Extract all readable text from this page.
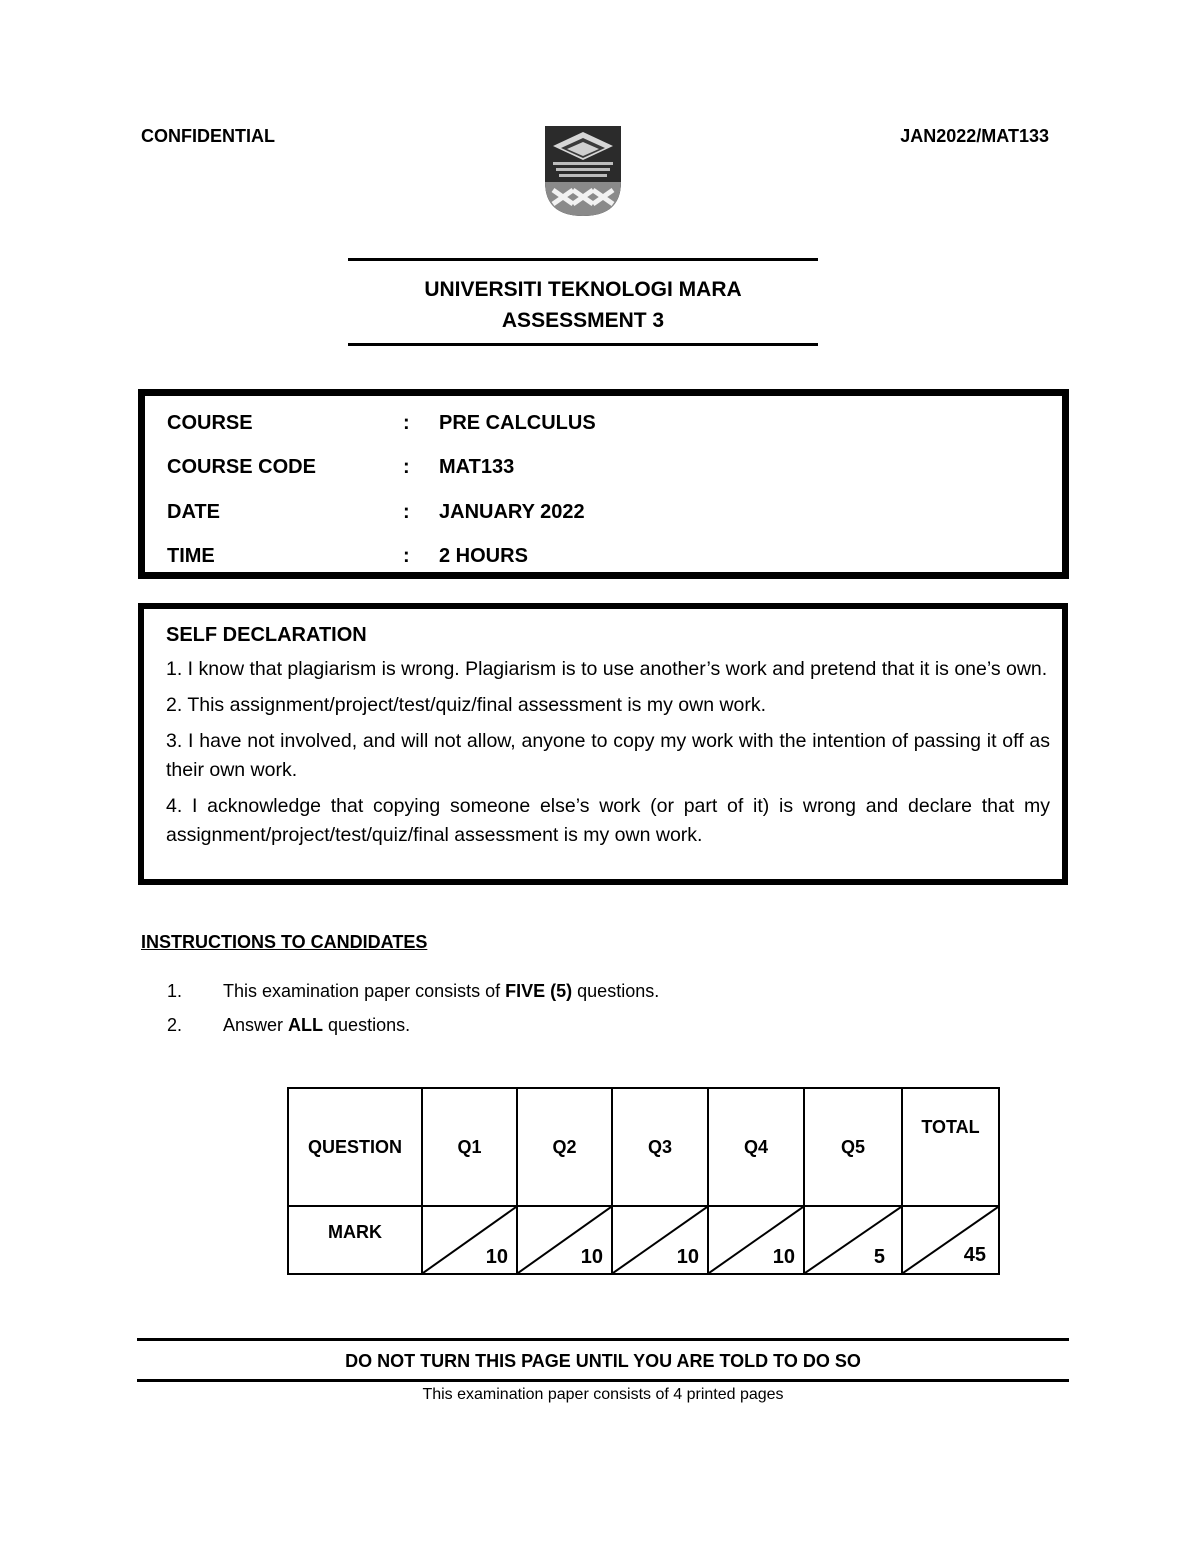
CONFIDENTIAL	JAN2022/MAT133
UNIVERSITI TEKNOLOGI MARA
ASSESSMENT 3
COURSE	: PRE CALCULUS
COURSE CODE	: MAT133
DATE	: JANUARY 2022
TIME	: 2 HOURS
SELF DECLARATION

1. I know that plagiarism is wrong. Plagiarism is to use another’s work and pretend that it is one’s own.

2. This assignment/project/test/quiz/final assessment is my own work.

3. I have not involved, and will not allow, anyone to copy my work with the intention of passing it off as their own work.

4. I acknowledge that copying someone else’s work (or part of it) is wrong and declare that my assignment/project/test/quiz/final assessment is my own work.

INSTRUCTIONS TO CANDIDATES
1. This examination paper consists of FIVE (5) questions.
2. Answer ALL questions.
QUESTION	Q1	Q2	Q3	Q4	Q5	TOTAL
MARK	10	10	10	10	5	45
DO NOT TURN THIS PAGE UNTIL YOU ARE TOLD TO DO SO
This examination paper consists of 4 printed pages
